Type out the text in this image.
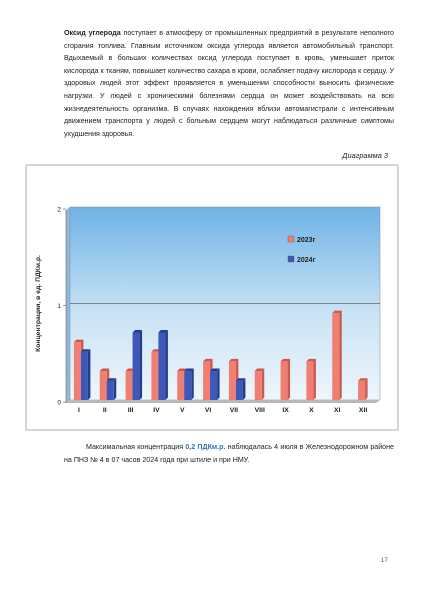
Оксид углерода поступает в атмосферу от промышленных предприятий в результате неполного сгорания топлива. Главным источником оксида углерода является автомобильный транспорт. Вдыхаемый в больших количествах оксид углерода поступает в кровь, уменьшает приток кислорода к тканям, повышает количество сахара в крови, ослабляет подачу кислорода к сердцу. У здоровых людей этот эффект проявляется в уменьшении способности выносить физические нагрузки. У людей с хроническими болезнями сердца он может воздействовать на всю жизнедеятельность организма. В случаях нахождения вблизи автомагистрали с интенсивным движением транспорта у людей с больным сердцем могут наблюдаться различные симптомы ухудшения здоровья.

Диаграмма 3
0
1
2
Концентрации, в ед. ПДКм.р.
I	II	III	IV	V	VI	VII VIII	IX	X	XI	XII
2023г
2024г

Максимальная концентрация 0,2 ПДКм.р. наблюдалась 4 июля в Железнодорожном районе на ПНЗ № 4 в 07 часов 2024 года при штиле и при НМУ.

17
